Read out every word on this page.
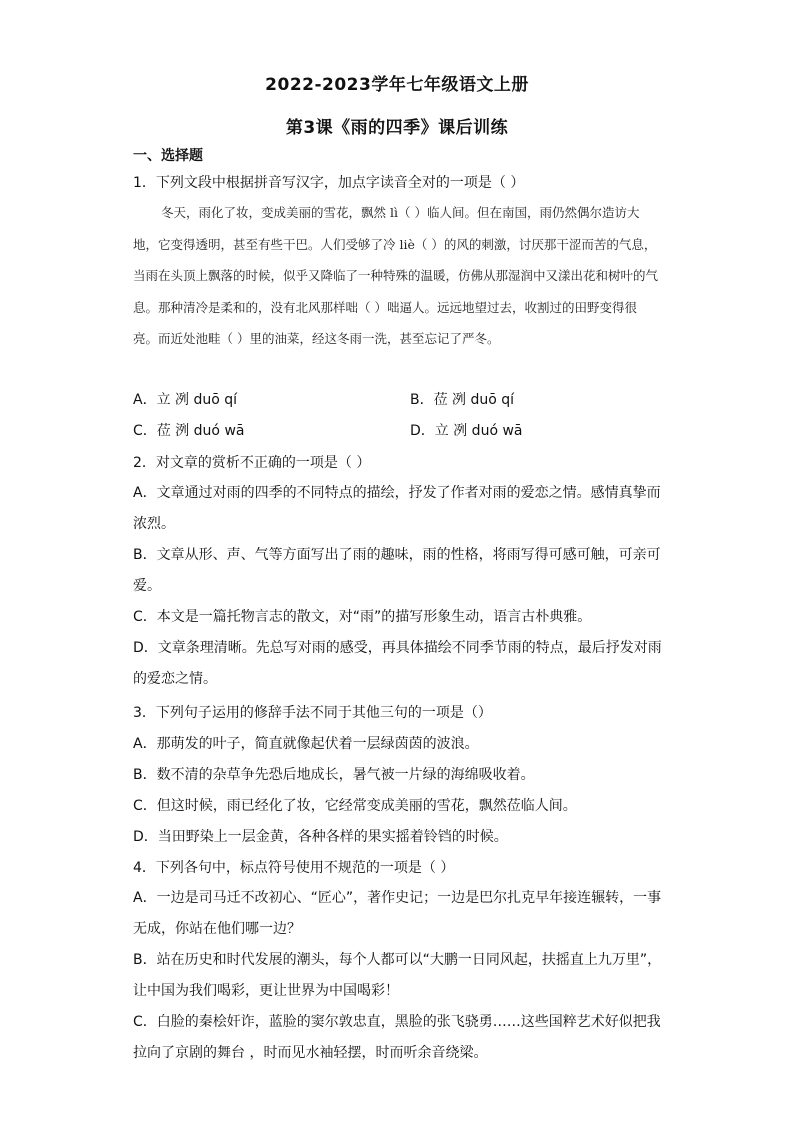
2022-2023学年七年级语文上册
第3课《雨的四季》课后训练
一、选择题
1．下列文段中根据拼音写汉字，加点字读音全对的一项是（ ）
冬天，雨化了妆，变成美丽的雪花，飘然 lì（ ）临人间。但在南国，雨仍然偶尔造访大地，它变得透明，甚至有些干巴。人们受够了冷 liè（ ）的风的刺激，讨厌那干涩而苦的气息，当雨在头顶上飘落的时候，似乎又降临了一种特殊的温暖，仿佛从那湿润中又漾出花和树叶的气息。那种清冷是柔和的，没有北风那样咄（ ）咄逼人。远远地望过去，收割过的田野变得很亮。而近处池畦（ ）里的油菜，经这冬雨一洗，甚至忘记了严冬。
A．立 冽 duō qí	B．莅 冽 duō qí
C．莅 洌 duó wā	D．立 冽 duó wā
2．对文章的赏析不正确的一项是（ ）
A．文章通过对雨的四季的不同特点的描绘，抒发了作者对雨的爱恋之情。感情真挚而浓烈。
B．文章从形、声、气等方面写出了雨的趣味，雨的性格，将雨写得可感可触，可亲可爱。
C．本文是一篇托物言志的散文，对“雨”的描写形象生动，语言古朴典雅。
D．文章条理清晰。先总写对雨的感受，再具体描绘不同季节雨的特点，最后抒发对雨的爱恋之情。
3．下列句子运用的修辞手法不同于其他三句的一项是（）
A．那萌发的叶子，简直就像起伏着一层绿茵茵的波浪。
B．数不清的杂草争先恐后地成长，暑气被一片绿的海绵吸收着。
C．但这时候，雨已经化了妆，它经常变成美丽的雪花，飘然莅临人间。
D．当田野染上一层金黄，各种各样的果实摇着铃铛的时候。
4．下列各句中，标点符号使用不规范的一项是（ ）
A．一边是司马迁不改初心、“匠心”，著作史记；一边是巴尔扎克早年接连辗转，一事无成，你站在他们哪一边？
B．站在历史和时代发展的潮头，每个人都可以“大鹏一日同风起，扶摇直上九万里”，让中国为我们喝彩，更让世界为中国喝彩！
C．白脸的秦桧奸诈，蓝脸的窦尔敦忠直，黑脸的张飞骁勇……这些国粹艺术好似把我拉向了京剧的舞台 ，时而见水袖轻摆，时而听余音绕梁。
